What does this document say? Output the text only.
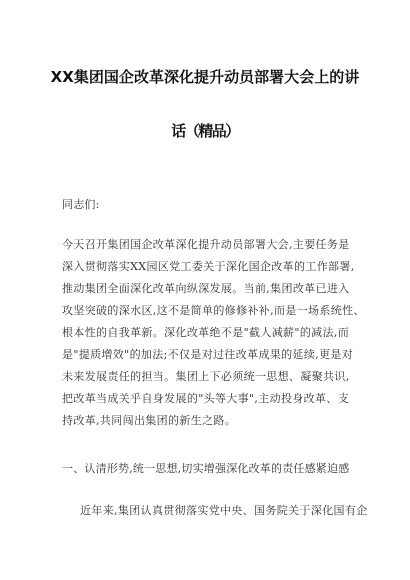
XX集团国企改革深化提升动员部署大会上的讲
话（精品）
同志们:
今天召开集团国企改革深化提升动员部署大会,主要任务是
深入贯彻落实XX园区党工委关于深化国企改革的工作部署,
推动集团全面深化改革向纵深发展。当前,集团改革已进入
攻坚突破的深水区,这不是简单的修修补补,而是一场系统性、
根本性的自我革新。深化改革绝不是"截人减薪"的减法,而
是"提质增效"的加法;不仅是对过往改革成果的延续,更是对
未来发展责任的担当。集团上下必须统一思想、凝聚共识,
把改革当成关乎自身发展的"头等大事",主动投身改革、支
持改革,共同闯出集团的新生之路。
一、认清形势,统一思想,切实增强深化改革的责任感紧迫感
近年来,集团认真贯彻落实党中央、国务院关于深化国有企
